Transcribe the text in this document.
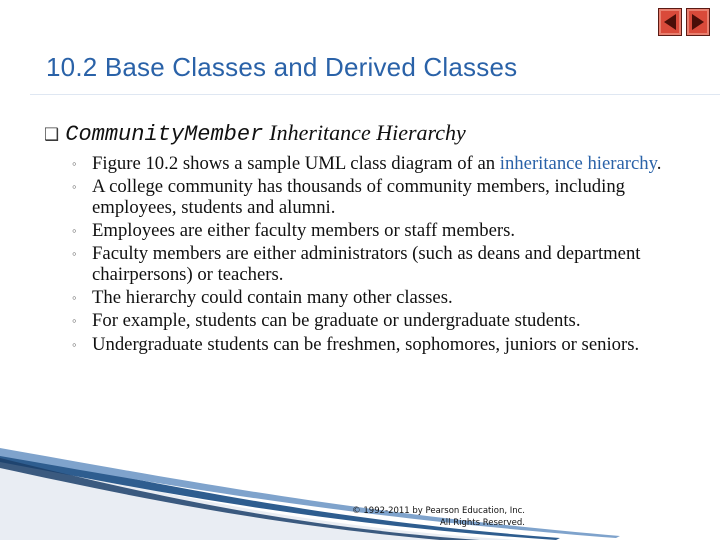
10.2 Base Classes and Derived Classes
❑ CommunityMember Inheritance Hierarchy
◦ Figure 10.2 shows a sample UML class diagram of an inheritance hierarchy.
◦ A college community has thousands of community members, including employees, students and alumni.
◦ Employees are either faculty members or staff members.
◦ Faculty members are either administrators (such as deans and department chairpersons) or teachers.
◦ The hierarchy could contain many other classes.
◦ For example, students can be graduate or undergraduate students.
◦ Undergraduate students can be freshmen, sophomores, juniors or seniors.
© 1992-2011 by Pearson Education, Inc.
All Rights Reserved.
